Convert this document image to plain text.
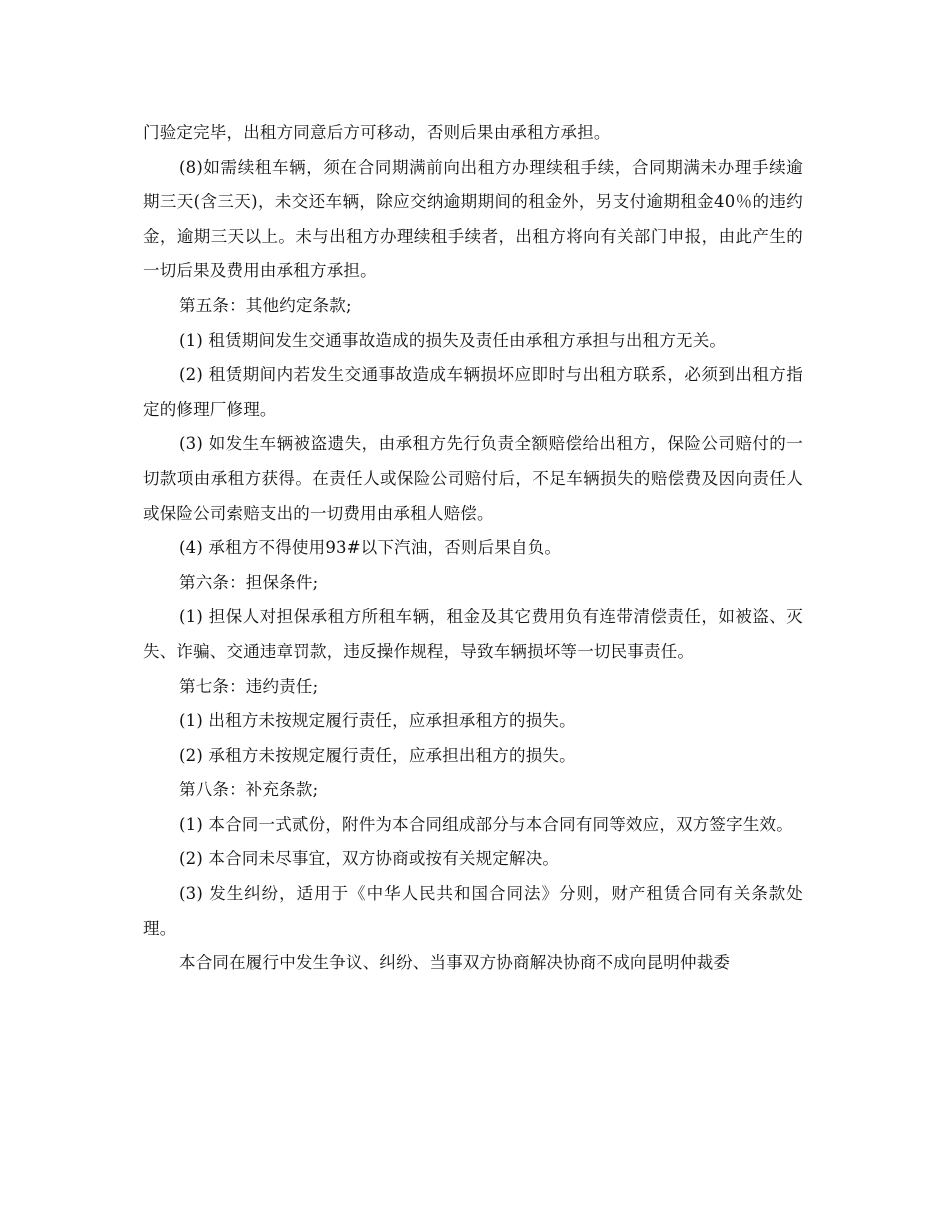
门验定完毕，出租方同意后方可移动，否则后果由承租方承担。

(8)如需续租车辆，须在合同期满前向出租方办理续租手续，合同期满未办理手续逾期三天(含三天)，未交还车辆，除应交纳逾期期间的租金外，另支付逾期租金40％的违约金，逾期三天以上。未与出租方办理续租手续者，出租方将向有关部门申报，由此产生的一切后果及费用由承租方承担。

第五条：其他约定条款;

(1) 租赁期间发生交通事故造成的损失及责任由承租方承担与出租方无关。

(2) 租赁期间内若发生交通事故造成车辆损坏应即时与出租方联系，必须到出租方指定的修理厂修理。

(3) 如发生车辆被盗遗失，由承租方先行负责全额赔偿给出租方，保险公司赔付的一切款项由承租方获得。在责任人或保险公司赔付后，不足车辆损失的赔偿费及因向责任人或保险公司索赔支出的一切费用由承租人赔偿。

(4) 承租方不得使用93#以下汽油，否则后果自负。

第六条：担保条件;

(1) 担保人对担保承租方所租车辆，租金及其它费用负有连带清偿责任，如被盗、灭失、诈骗、交通违章罚款，违反操作规程，导致车辆损坏等一切民事责任。

第七条：违约责任;

(1) 出租方未按规定履行责任，应承担承租方的损失。

(2) 承租方未按规定履行责任，应承担出租方的损失。

第八条：补充条款;

(1) 本合同一式贰份，附件为本合同组成部分与本合同有同等效应，双方签字生效。

(2) 本合同未尽事宜，双方协商或按有关规定解决。

(3) 发生纠纷，适用于《中华人民共和国合同法》分则，财产租赁合同有关条款处理。

本合同在履行中发生争议、纠纷、当事双方协商解决协商不成向昆明仲裁委
